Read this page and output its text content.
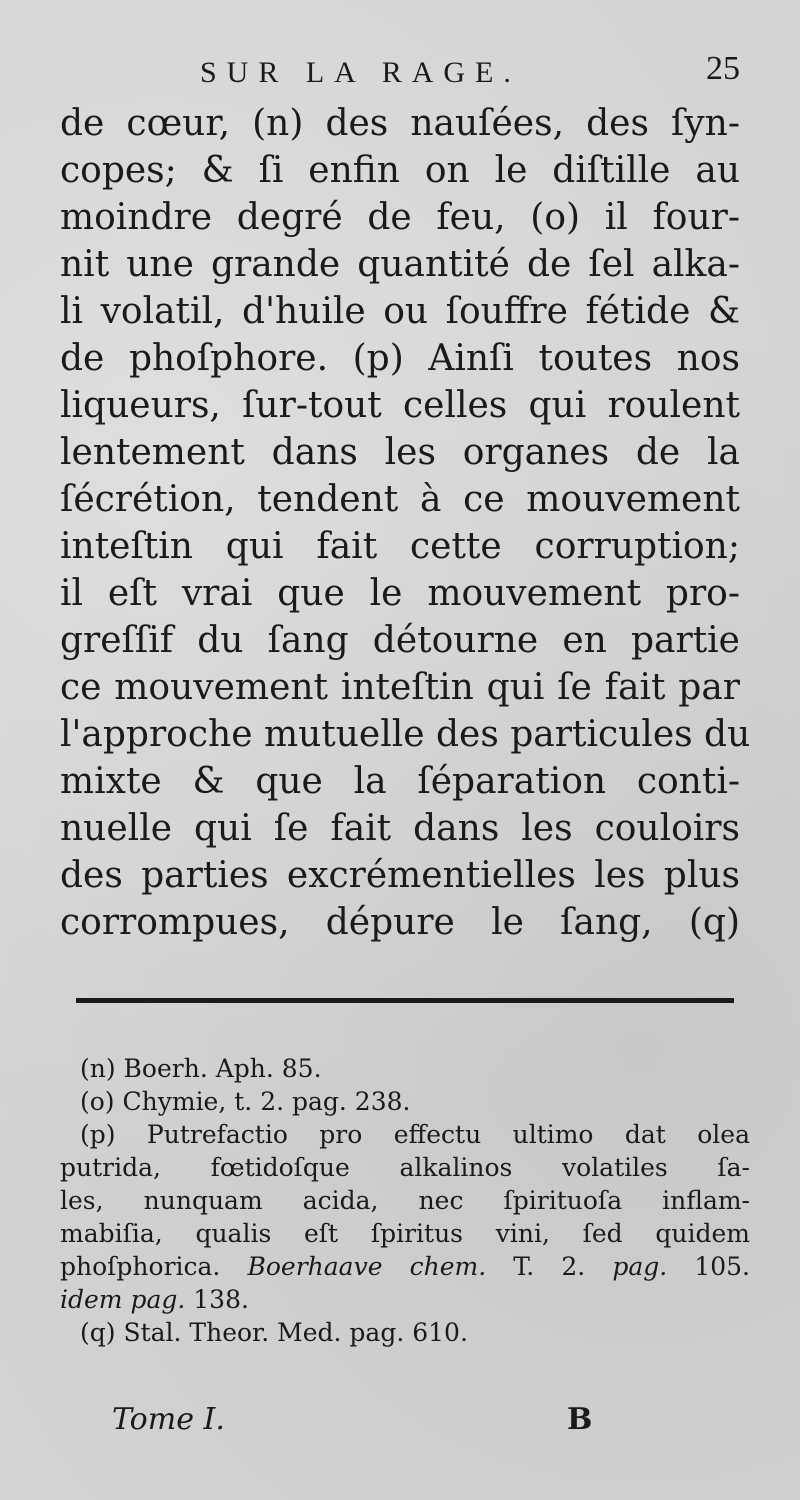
SUR LA RAGE.	25
de cœur, (n) des nauſées, des ſyn-
copes; & ſi enfin on le diſtille au
moindre degré de feu, (o) il four-
nit une grande quantité de ſel alka-
li volatil, d'huile ou ſouffre fétide &
de phoſphore. (p) Ainſi toutes nos
liqueurs, ſur-tout celles qui roulent
lentement dans les organes de la
ſécrétion, tendent à ce mouvement
inteſtin qui fait cette corruption;
il eſt vrai que le mouvement pro-
greſſif du ſang détourne en partie
ce mouvement inteſtin qui ſe fait par
l'approche mutuelle des particules du
mixte & que la ſéparation conti-
nuelle qui ſe fait dans les couloirs
des parties excrémentielles les plus
corrompues, dépure le ſang, (q)
(n) Boerh. Aph. 85.
(o) Chymie, t. 2. pag. 238.
(p) Putrefactio pro effectu ultimo dat olea
putrida, fœtidoſque alkalinos volatiles ſa-
les, nunquam acida, nec ſpirituoſa inflam-
mabiſia, qualis eſt ſpiritus vini, ſed quidem
phoſphorica. Boerhaave chem. T. 2. pag. 105.
idem pag. 138.
(q) Stal. Theor. Med. pag. 610.
Tome I.	B
